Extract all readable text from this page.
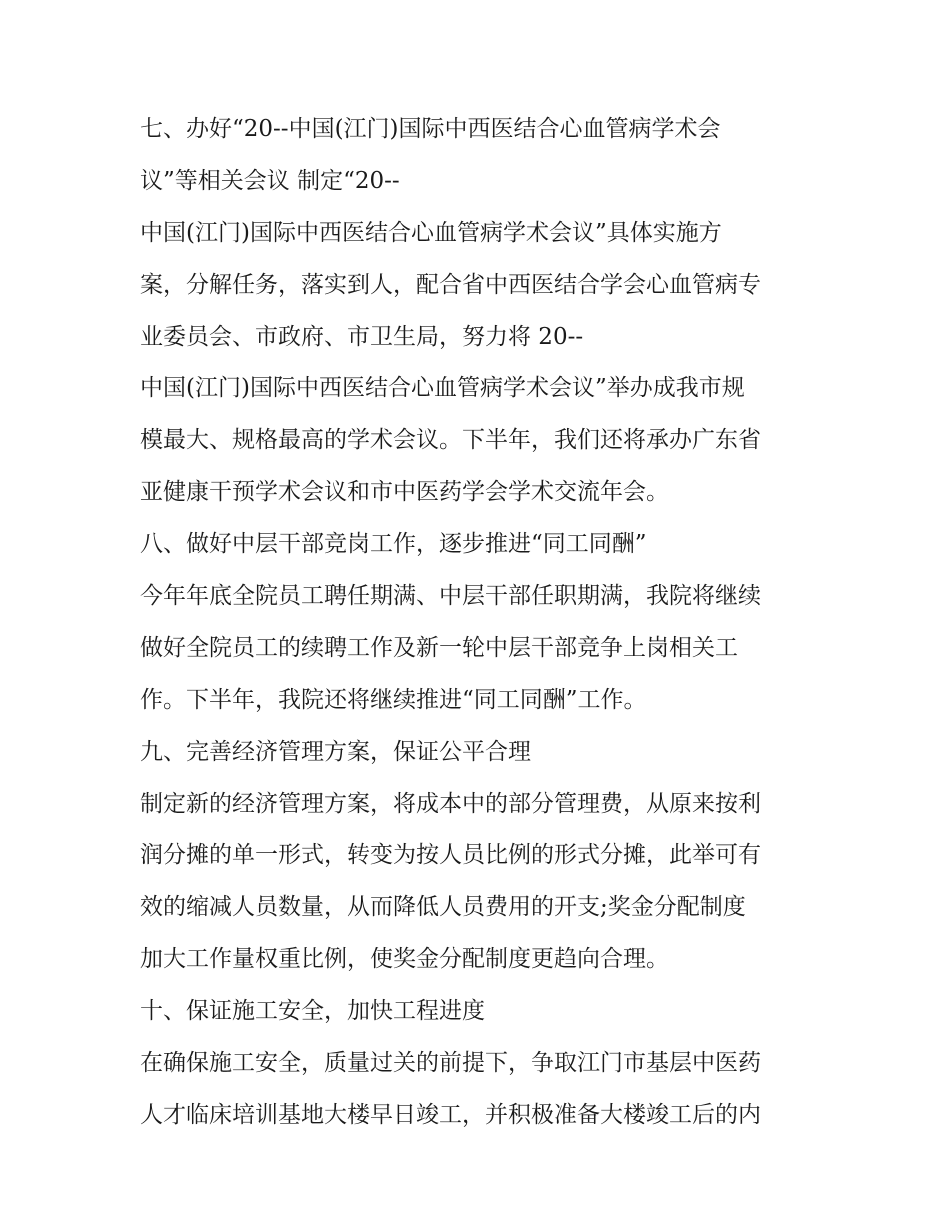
七、办好“20--中国(江门)国际中西医结合心血管病学术会
议”等相关会议 制定“20--
中国(江门)国际中西医结合心血管病学术会议”具体实施方
案，分解任务，落实到人，配合省中西医结合学会心血管病专
业委员会、市政府、市卫生局，努力将 20--
中国(江门)国际中西医结合心血管病学术会议”举办成我市规
模最大、规格最高的学术会议。下半年，我们还将承办广东省
亚健康干预学术会议和市中医药学会学术交流年会。
八、做好中层干部竞岗工作，逐步推进“同工同酬”
今年年底全院员工聘任期满、中层干部任职期满，我院将继续
做好全院员工的续聘工作及新一轮中层干部竞争上岗相关工
作。下半年，我院还将继续推进“同工同酬”工作。
九、完善经济管理方案，保证公平合理
制定新的经济管理方案，将成本中的部分管理费，从原来按利
润分摊的单一形式，转变为按人员比例的形式分摊，此举可有
效的缩减人员数量，从而降低人员费用的开支;奖金分配制度
加大工作量权重比例，使奖金分配制度更趋向合理。
十、保证施工安全，加快工程进度
在确保施工安全，质量过关的前提下，争取江门市基层中医药
人才临床培训基地大楼早日竣工，并积极准备大楼竣工后的内
